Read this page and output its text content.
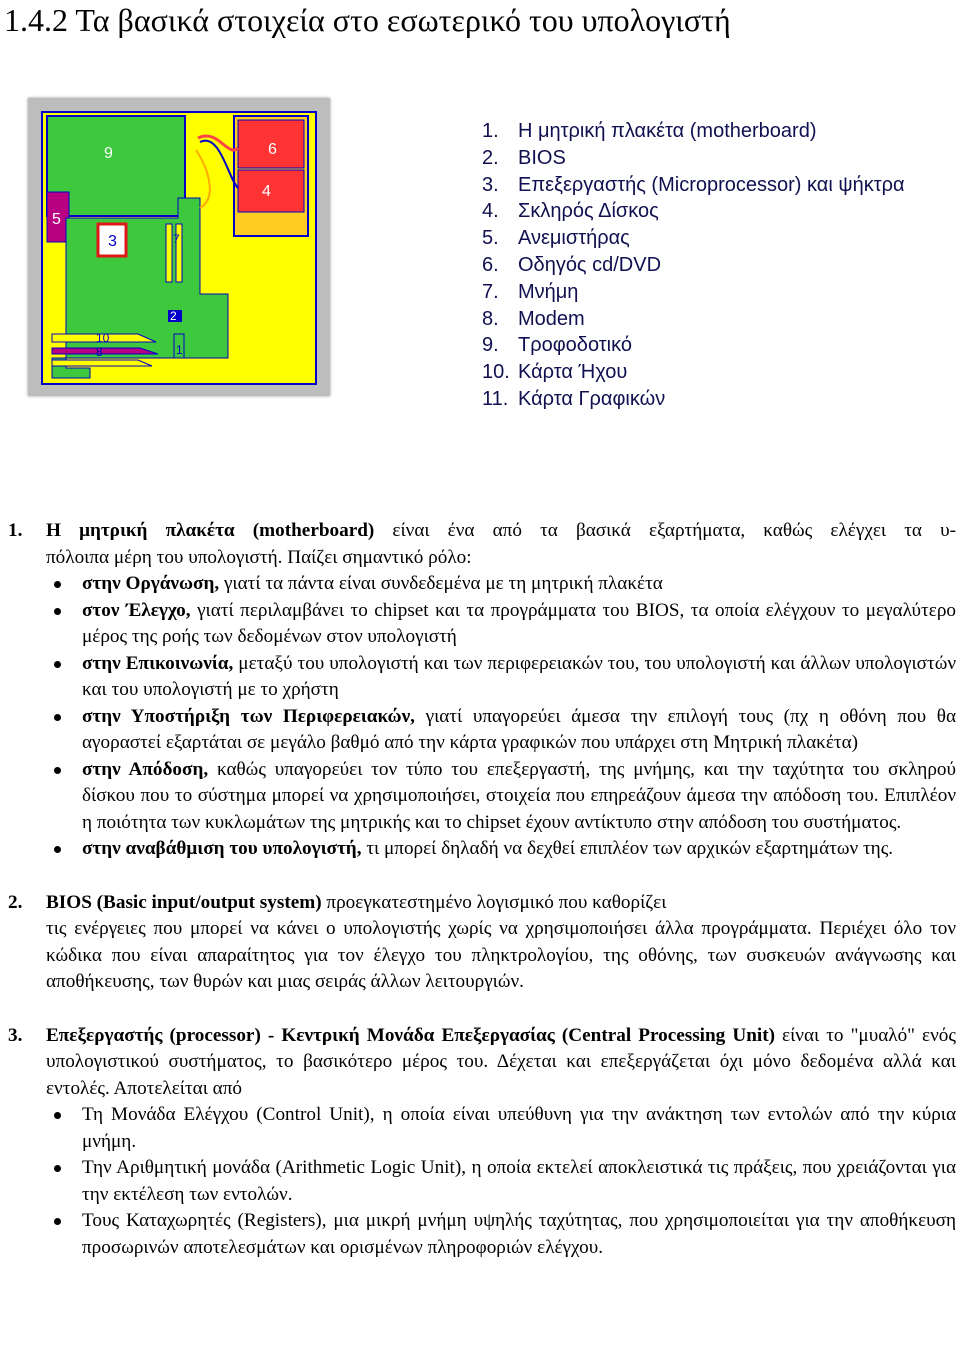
1.4.2 Τα βασικά στοιχεία στο εσωτερικό του υπολογιστή
9	6
4
5
3	7
2
10
8	1
1. Η μητρική πλακέτα (motherboard)
2. BIOS
3. Επεξεργαστής (Microprocessor) και ψήκτρα
4. Σκληρός Δίσκος
5. Ανεμιστήρας
6. Οδηγός cd/DVD
7. Μνήμη
8. Modem
9. Τροφοδοτικό
10. Κάρτα Ήχου
11. Κάρτα Γραφικών
1.	Η μητρική πλακέτα (motherboard) είναι ένα από τα βασικά εξαρτήματα, καθώς ελέγχει τα υ-
πόλοιπα μέρη του υπολογιστή. Παίζει σημαντικό ρόλο:
στην Οργάνωση, γιατί τα πάντα είναι συνδεδεμένα με τη μητρική πλακέτα
στον Έλεγχο, γιατί περιλαμβάνει το chipset και τα προγράμματα του BIOS, τα οποία ελέγχουν το μεγαλύτερο μέρος της ροής των δεδομένων στον υπολογιστή
στην Επικοινωνία, μεταξύ του υπολογιστή και των περιφερειακών του, του υπολογιστή και άλλων υπολογιστών και του υπολογιστή με το χρήστη
στην Υποστήριξη των Περιφερειακών, γιατί υπαγορεύει άμεσα την επιλογή τους (πχ η οθόνη που θα αγοραστεί εξαρτάται σε μεγάλο βαθμό από την κάρτα γραφικών που υπάρχει στη Μητρική πλακέτα)
στην Απόδοση, καθώς υπαγορεύει τον τύπο του επεξεργαστή, της μνήμης, και την ταχύτητα του σκληρού δίσκου που το σύστημα μπορεί να χρησιμοποιήσει, στοιχεία που επηρεάζουν άμεσα την απόδοση του. Επιπλέον η ποιότητα των κυκλωμάτων της μητρικής και το chipset έχουν αντίκτυπο στην απόδοση του συστήματος.
στην αναβάθμιση του υπολογιστή, τι μπορεί δηλαδή να δεχθεί επιπλέον των αρχικών εξαρτημάτων της.
2.	BIOS (Basic input/output system) προεγκατεστημένο λογισμικό που καθορίζει
τις ενέργειες που μπορεί να κάνει ο υπολογιστής χωρίς να χρησιμοποιήσει άλλα προγράμματα. Περιέχει όλο τον κώδικα που είναι απαραίτητος για τον έλεγχο του πληκτρολογίου, της οθόνης, των συσκευών ανάγνωσης και αποθήκευσης, των θυρών και μιας σειράς άλλων λειτουργιών.
3.	Επεξεργαστής (processor) - Κεντρική Μονάδα Επεξεργασίας (Central Processing Unit) είναι το "μυαλό" ενός υπολογιστικού συστήματος, το βασικότερο μέρος του. Δέχεται και επεξεργάζεται όχι μόνο δεδομένα αλλά και εντολές. Αποτελείται από
Τη Μονάδα Ελέγχου (Control Unit), η οποία είναι υπεύθυνη για την ανάκτηση των εντολών από την κύρια μνήμη.
Την Αριθμητική μονάδα (Arithmetic Logic Unit), η οποία εκτελεί αποκλειστικά τις πράξεις, που χρειάζονται για την εκτέλεση των εντολών.
Τους Καταχωρητές (Registers), μια μικρή μνήμη υψηλής ταχύτητας, που χρησιμοποιείται για την αποθήκευση προσωρινών αποτελεσμάτων και ορισμένων πληροφοριών ελέγχου.
